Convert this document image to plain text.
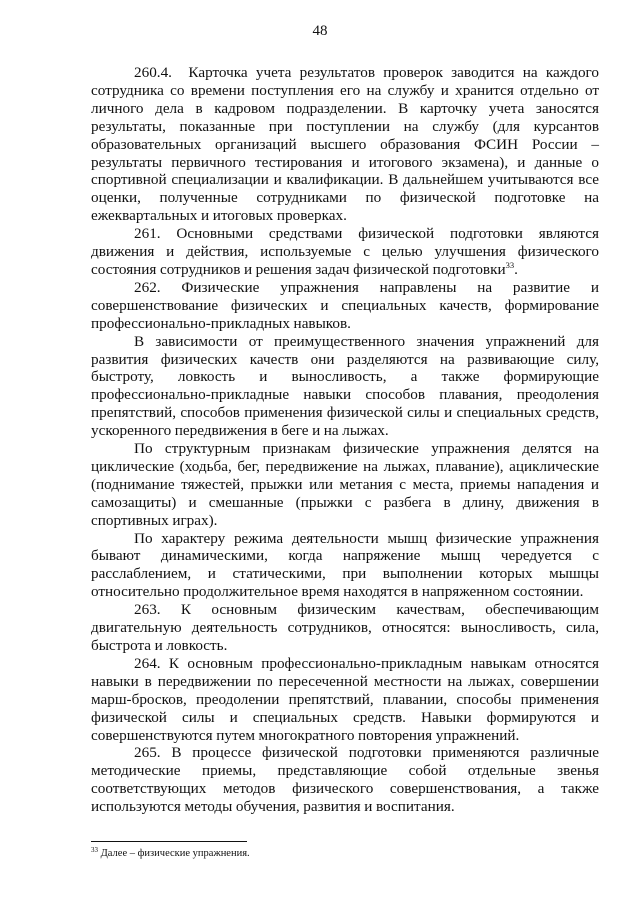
48

260.4.  Карточка учета результатов проверок заводится на каждого сотрудника со времени поступления его на службу и хранится отдельно от личного дела в кадровом подразделении. В карточку учета заносятся результаты, показанные при поступлении на службу (для курсантов образовательных организаций высшего образования ФСИН России – результаты первичного тестирования и итогового экзамена), и данные о спортивной специализации и квалификации. В дальнейшем учитываются все оценки, полученные сотрудниками по физической подготовке на ежеквартальных и итоговых проверках.

261. Основными средствами физической подготовки являются движения и действия, используемые с целью улучшения физического состояния сотрудников и решения задач физической подготовки$^{33}$.

262. Физические упражнения направлены на развитие и совершенствование физических и специальных качеств, формирование профессионально-прикладных навыков.

В зависимости от преимущественного значения упражнений для развития физических качеств они разделяются на развивающие силу, быстроту, ловкость и выносливость, а также формирующие профессионально-прикладные навыки способов плавания, преодоления препятствий, способов применения физической силы и специальных средств, ускоренного передвижения в беге и на лыжах.

По структурным признакам физические упражнения делятся на циклические (ходьба, бег, передвижение на лыжах, плавание), ациклические (поднимание тяжестей, прыжки или метания с места, приемы нападения и самозащиты) и смешанные (прыжки с разбега в длину, движения в спортивных играх).

По характеру режима деятельности мышц физические упражнения бывают динамическими, когда напряжение мышц чередуется с расслаблением, и статическими, при выполнении которых мышцы относительно продолжительное время находятся в напряженном состоянии.

263. К основным физическим качествам, обеспечивающим двигательную деятельность сотрудников, относятся: выносливость, сила, быстрота и ловкость.

264. К основным профессионально-прикладным навыкам относятся навыки в передвижении по пересеченной местности на лыжах, совершении марш-бросков, преодолении препятствий, плавании, способы применения физической силы и специальных средств. Навыки формируются и совершенствуются путем многократного повторения упражнений.

265. В процессе физической подготовки применяются различные методические приемы, представляющие собой отдельные звенья соответствующих методов физического совершенствования, а также используются методы обучения, развития и воспитания.

$^{33}$ Далее – физические упражнения.
